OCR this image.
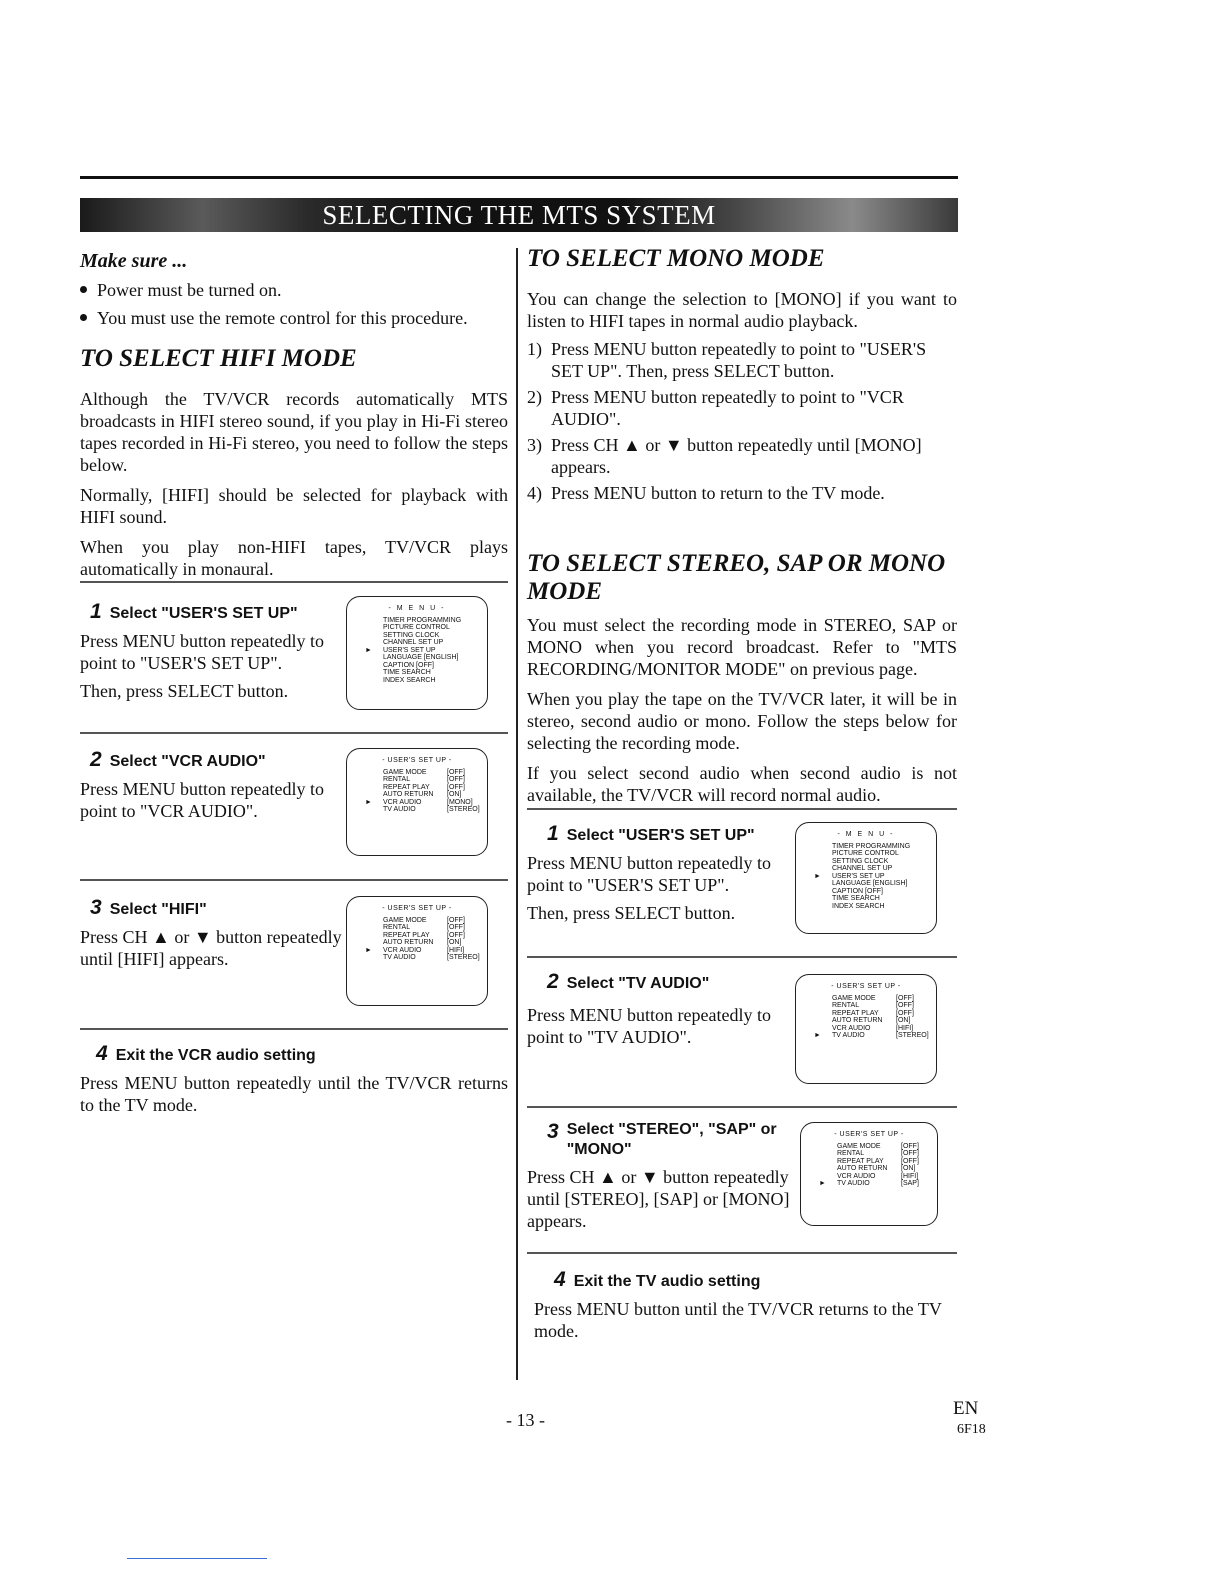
SELECTING THE MTS SYSTEM
Make sure ...
Power must be turned on.
You must use the remote control for this procedure.
TO SELECT HIFI MODE

Although the TV/VCR records automatically MTS broadcasts in HIFI stereo sound, if you play in Hi-Fi stereo tapes recorded in Hi-Fi stereo, you need to follow the steps below.

Normally, [HIFI] should be selected for playback with HIFI sound.

When you play non-HIFI tapes, TV/VCR plays automatically in monaural.

1 Select "USER'S SET UP"

Press MENU button repeatedly to point to "USER'S SET UP".

Then, press SELECT button.

- M E N U -
TIMER PROGRAMMING
PICTURE CONTROL
SETTING CLOCK
CHANNEL SET UP
► USER'S SET UP
LANGUAGE [ENGLISH]
CAPTION [OFF]
TIME SEARCH
INDEX SEARCH
2 Select "VCR AUDIO"

Press MENU button repeatedly to point to "VCR AUDIO".

- USER'S SET UP -
GAME MODE	[OFF]
RENTAL	[OFF]
REPEAT PLAY [OFF]
AUTO RETURN [ON]
► VCR AUDIO	[MONO]
TV AUDIO	[STEREO]
3 Select "HIFI"

Press CH ▲ or ▼ button repeatedly until [HIFI] appears.

- USER'S SET UP -
GAME MODE	[OFF]
RENTAL	[OFF]
REPEAT PLAY [OFF]
AUTO RETURN [ON]
► VCR AUDIO	[HIFI]
TV AUDIO	[STEREO]
4 Exit the VCR audio setting

Press MENU button repeatedly until the TV/VCR returns to the TV mode.

TO SELECT MONO MODE

You can change the selection to [MONO] if you want to listen to HIFI tapes in normal audio playback.

1) Press MENU button repeatedly to point to "USER'S SET UP". Then, press SELECT button.
2) Press MENU button repeatedly to point to "VCR AUDIO".
3) Press CH ▲ or ▼ button repeatedly until [MONO] appears.
4) Press MENU button to return to the TV mode.
TO SELECT STEREO, SAP OR MONO MODE

You must select the recording mode in STEREO, SAP or MONO when you record broadcast. Refer to "MTS RECORDING/MONITOR MODE" on previous page.

When you play the tape on the TV/VCR later, it will be in stereo, second audio or mono. Follow the steps below for selecting the recording mode.

If you select second audio when second audio is not available, the TV/VCR will record normal audio.

1 Select "USER'S SET UP"

Press MENU button repeatedly to point to "USER'S SET UP".

Then, press SELECT button.

- M E N U -
TIMER PROGRAMMING
PICTURE CONTROL
SETTING CLOCK
CHANNEL SET UP
► USER'S SET UP
LANGUAGE [ENGLISH]
CAPTION [OFF]
TIME SEARCH
INDEX SEARCH
2 Select "TV AUDIO"

Press MENU button repeatedly to point to "TV AUDIO".

- USER'S SET UP -
GAME MODE	[OFF]
RENTAL	[OFF]
REPEAT PLAY [OFF]
AUTO RETURN [ON]
VCR AUDIO	[HIFI]
► TV AUDIO	[STEREO]
3 Select "STEREO", "SAP" or "MONO"

Press CH ▲ or ▼ button repeatedly until [STEREO], [SAP] or [MONO] appears.

- USER'S SET UP -
GAME MODE	[OFF]
RENTAL	[OFF]
REPEAT PLAY [OFF]
AUTO RETURN [ON]
VCR AUDIO	[HIFI]
► TV AUDIO	[SAP]
4 Exit the TV audio setting

Press MENU button until the TV/VCR returns to the TV mode.

- 13 -
EN
6F18
